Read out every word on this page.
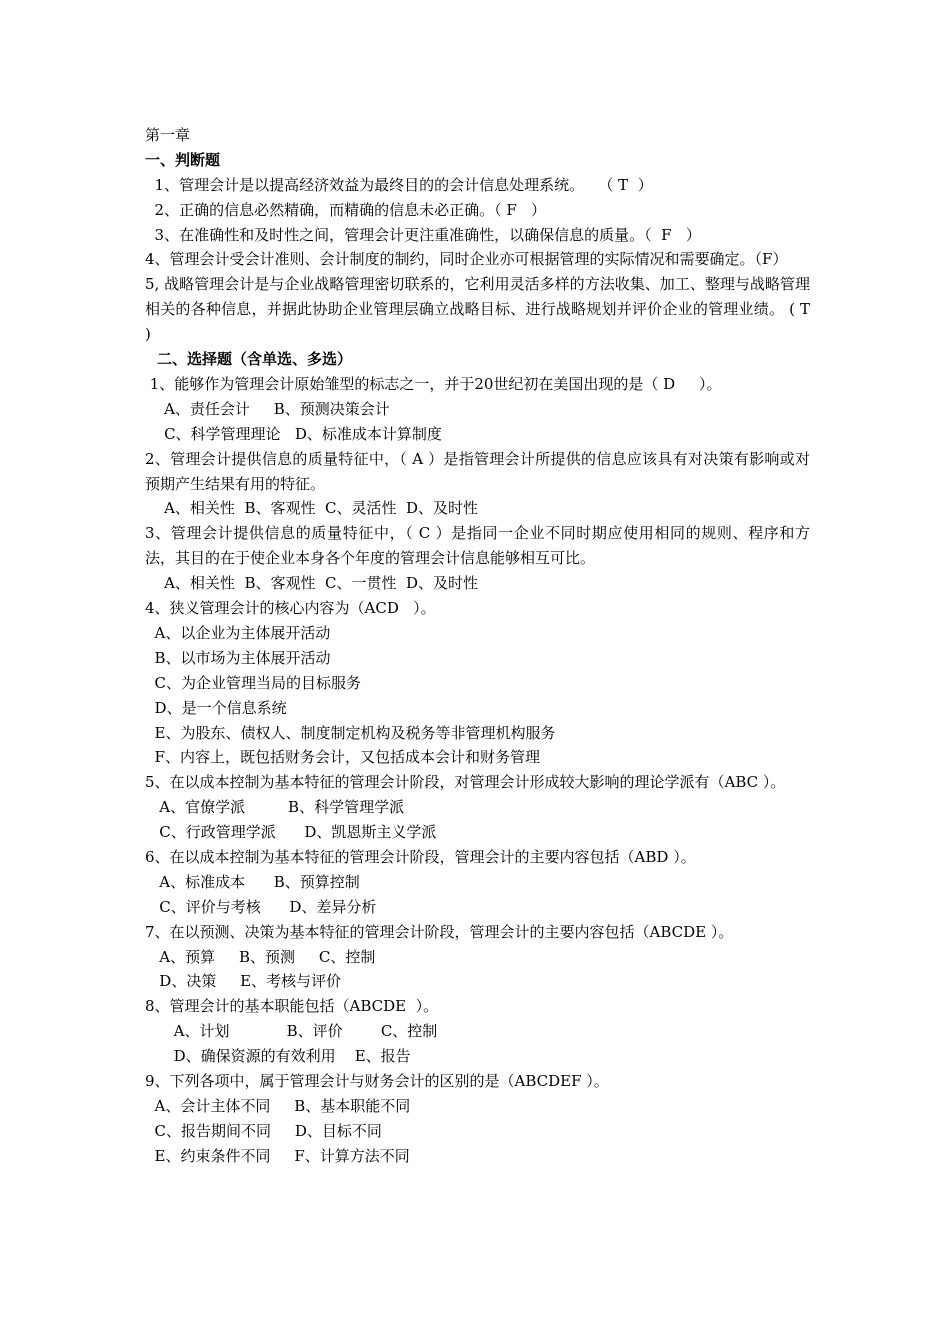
第一章
一、判断题
1、管理会计是以提高经济效益为最终目的的会计信息处理系统。   （ T  ）
2、正确的信息必然精确，而精确的信息未必正确。（ F   ）
3、在准确性和及时性之间，管理会计更注重准确性，以确保信息的质量。（  F   ）
4、管理会计受会计准则、会计制度的制约，同时企业亦可根据管理的实际情况和需要确定。（F）
5, 战略管理会计是与企业战略管理密切联系的，它利用灵活多样的方法收集、加工、整理与战略管理相关的各种信息，并据此协助企业管理层确立战略目标、进行战略规划并评价企业的管理业绩。 ( T )
二、选择题（含单选、多选）
1、能够作为管理会计原始雏型的标志之一，并于20世纪初在美国出现的是（ D     ）。
A、责任会计     B、预测决策会计
C、科学管理理论   D、标准成本计算制度
2、管理会计提供信息的质量特征中，（ A ）是指管理会计所提供的信息应该具有对决策有影响或对预期产生结果有用的特征。
A、相关性  B、客观性  C、灵活性  D、及时性
3、管理会计提供信息的质量特征中，（ C ）是指同一企业不同时期应使用相同的规则、程序和方法，其目的在于使企业本身各个年度的管理会计信息能够相互可比。
A、相关性  B、客观性  C、一贯性  D、及时性
4、狭义管理会计的核心内容为（ACD   ）。
A、以企业为主体展开活动
B、以市场为主体展开活动
C、为企业管理当局的目标服务
D、是一个信息系统
E、为股东、债权人、制度制定机构及税务等非管理机构服务
F、内容上，既包括财务会计，又包括成本会计和财务管理
5、在以成本控制为基本特征的管理会计阶段，对管理会计形成较大影响的理论学派有（ABC ）。
A、官僚学派         B、科学管理学派
C、行政管理学派      D、凯恩斯主义学派
6、在以成本控制为基本特征的管理会计阶段，管理会计的主要内容包括（ABD ）。
A、标准成本      B、预算控制
C、评价与考核      D、差异分析
7、在以预测、决策为基本特征的管理会计阶段，管理会计的主要内容包括（ABCDE ）。
A、预算     B、预测     C、控制
D、决策     E、考核与评价
8、管理会计的基本职能包括（ABCDE  ）。
A、计划            B、评价        C、控制
D、确保资源的有效利用    E、报告
9、下列各项中，属于管理会计与财务会计的区别的是（ABCDEF ）。
A、会计主体不同     B、基本职能不同
C、报告期间不同     D、目标不同
E、约束条件不同     F、计算方法不同
